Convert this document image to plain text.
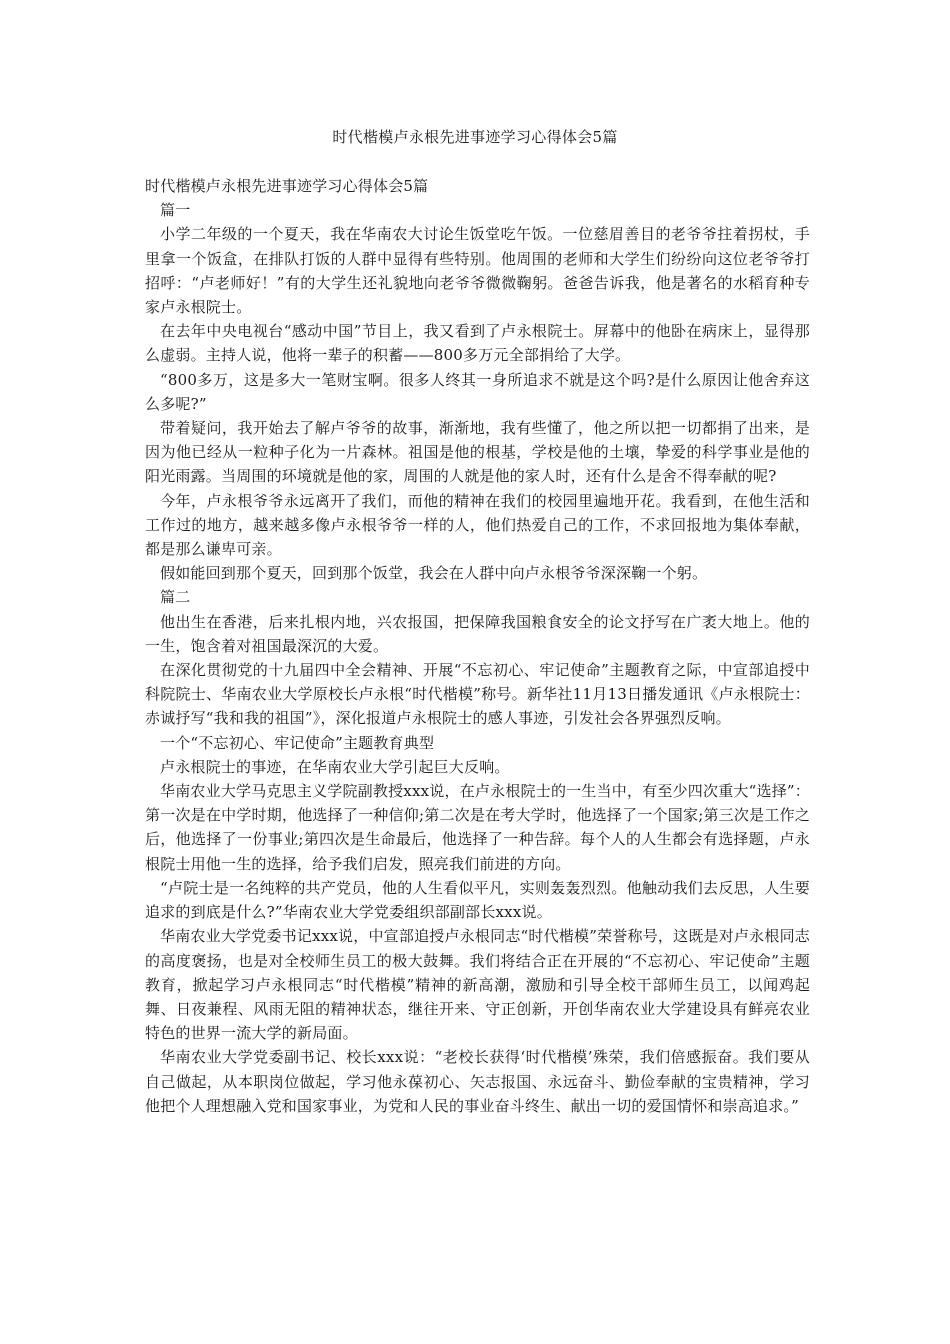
时代楷模卢永根先进事迹学习心得体会5篇

时代楷模卢永根先进事迹学习心得体会5篇

篇一

小学二年级的一个夏天，我在华南农大讨论生饭堂吃午饭。一位慈眉善目的老爷爷拄着拐杖，手里拿一个饭盒，在排队打饭的人群中显得有些特别。他周围的老师和大学生们纷纷向这位老爷爷打招呼：“卢老师好！”有的大学生还礼貌地向老爷爷微微鞠躬。爸爸告诉我，他是著名的水稻育种专家卢永根院士。

在去年中央电视台“感动中国”节目上，我又看到了卢永根院士。屏幕中的他卧在病床上，显得那么虚弱。主持人说，他将一辈子的积蓄——800多万元全部捐给了大学。

“800多万，这是多大一笔财宝啊。很多人终其一身所追求不就是这个吗?是什么原因让他舍弃这么多呢?”

带着疑问，我开始去了解卢爷爷的故事，渐渐地，我有些懂了，他之所以把一切都捐了出来，是因为他已经从一粒种子化为一片森林。祖国是他的根基，学校是他的土壤，挚爱的科学事业是他的阳光雨露。当周围的环境就是他的家，周围的人就是他的家人时，还有什么是舍不得奉献的呢?

今年，卢永根爷爷永远离开了我们，而他的精神在我们的校园里遍地开花。我看到，在他生活和工作过的地方，越来越多像卢永根爷爷一样的人，他们热爱自己的工作，不求回报地为集体奉献，都是那么谦卑可亲。

假如能回到那个夏天，回到那个饭堂，我会在人群中向卢永根爷爷深深鞠一个躬。

篇二

他出生在香港，后来扎根内地，兴农报国，把保障我国粮食安全的论文抒写在广袤大地上。他的一生，饱含着对祖国最深沉的大爱。

在深化贯彻党的十九届四中全会精神、开展“不忘初心、牢记使命”主题教育之际，中宣部追授中科院院士、华南农业大学原校长卢永根“时代楷模”称号。新华社11月13日播发通讯《卢永根院士：赤诚抒写“我和我的祖国”》，深化报道卢永根院士的感人事迹，引发社会各界强烈反响。

一个“不忘初心、牢记使命”主题教育典型

卢永根院士的事迹，在华南农业大学引起巨大反响。

华南农业大学马克思主义学院副教授xxx说，在卢永根院士的一生当中，有至少四次重大“选择”：第一次是在中学时期，他选择了一种信仰;第二次是在考大学时，他选择了一个国家;第三次是工作之后，他选择了一份事业;第四次是生命最后，他选择了一种告辞。每个人的人生都会有选择题，卢永根院士用他一生的选择，给予我们启发，照亮我们前进的方向。

“卢院士是一名纯粹的共产党员，他的人生看似平凡，实则轰轰烈烈。他触动我们去反思，人生要追求的到底是什么?”华南农业大学党委组织部副部长xxx说。

华南农业大学党委书记xxx说，中宣部追授卢永根同志“时代楷模”荣誉称号，这既是对卢永根同志的高度褒扬，也是对全校师生员工的极大鼓舞。我们将结合正在开展的“不忘初心、牢记使命”主题教育，掀起学习卢永根同志“时代楷模”精神的新高潮，激励和引导全校干部师生员工，以闻鸡起舞、日夜兼程、风雨无阻的精神状态，继往开来、守正创新，开创华南农业大学建设具有鲜亮农业特色的世界一流大学的新局面。

华南农业大学党委副书记、校长xxx说：“老校长获得‘时代楷模’殊荣，我们倍感振奋。我们要从自己做起，从本职岗位做起，学习他永葆初心、矢志报国、永远奋斗、勤俭奉献的宝贵精神，学习他把个人理想融入党和国家事业，为党和人民的事业奋斗终生、献出一切的爱国情怀和崇高追求。”
